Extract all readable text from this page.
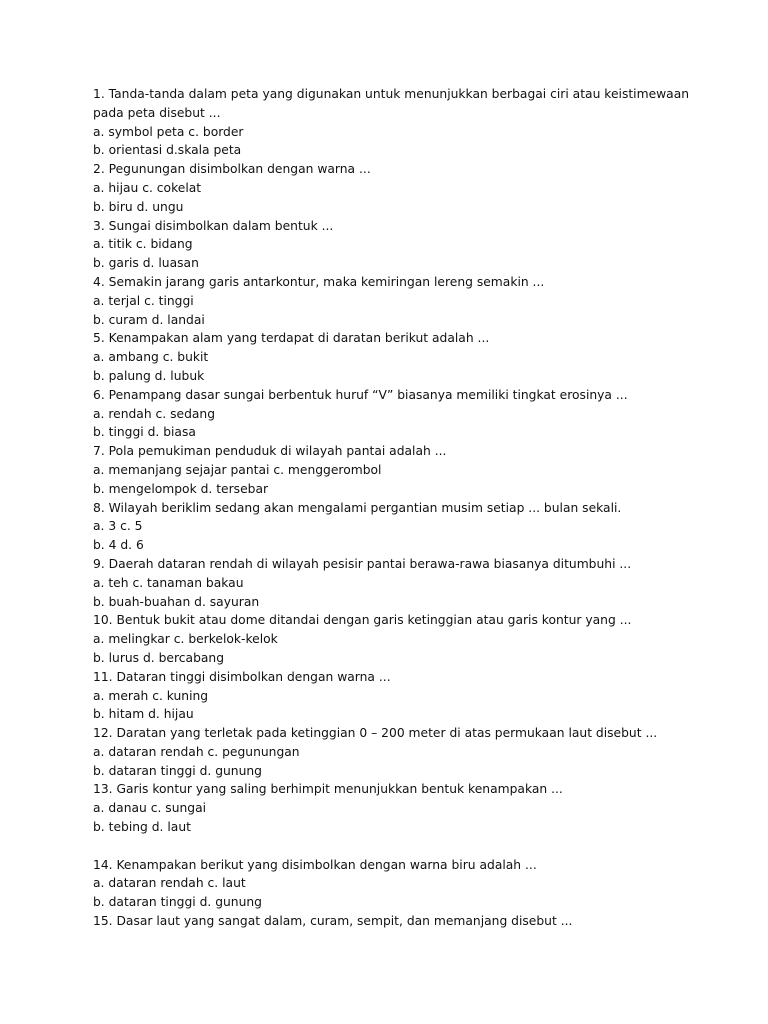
1. Tanda-tanda dalam peta yang digunakan untuk menunjukkan berbagai ciri atau keistimewaan
pada peta disebut ...
a. symbol peta c. border
b. orientasi d.skala peta
2. Pegunungan disimbolkan dengan warna ...
a. hijau c. cokelat
b. biru d. ungu
3. Sungai disimbolkan dalam bentuk ...
a. titik c. bidang
b. garis d. luasan
4. Semakin jarang garis antarkontur, maka kemiringan lereng semakin ...
a. terjal c. tinggi
b. curam d. landai
5. Kenampakan alam yang terdapat di daratan berikut adalah ...
a. ambang c. bukit
b. palung d. lubuk
6. Penampang dasar sungai berbentuk huruf “V” biasanya memiliki tingkat erosinya ...
a. rendah c. sedang
b. tinggi d. biasa
7. Pola pemukiman penduduk di wilayah pantai adalah ...
a. memanjang sejajar pantai c. menggerombol
b. mengelompok d. tersebar
8. Wilayah beriklim sedang akan mengalami pergantian musim setiap ... bulan sekali.
a. 3 c. 5
b. 4 d. 6
9. Daerah dataran rendah di wilayah pesisir pantai berawa-rawa biasanya ditumbuhi ...
a. teh c. tanaman bakau
b. buah-buahan d. sayuran
10. Bentuk bukit atau dome ditandai dengan garis ketinggian atau garis kontur yang ...
a. melingkar c. berkelok-kelok
b. lurus d. bercabang
11. Dataran tinggi disimbolkan dengan warna ...
a. merah c. kuning
b. hitam d. hijau
12. Daratan yang terletak pada ketinggian 0 – 200 meter di atas permukaan laut disebut ...
a. dataran rendah c. pegunungan
b. dataran tinggi d. gunung
13. Garis kontur yang saling berhimpit menunjukkan bentuk kenampakan ...
a. danau c. sungai
b. tebing d. laut
14. Kenampakan berikut yang disimbolkan dengan warna biru adalah ...
a. dataran rendah c. laut
b. dataran tinggi d. gunung
15. Dasar laut yang sangat dalam, curam, sempit, dan memanjang disebut ...
